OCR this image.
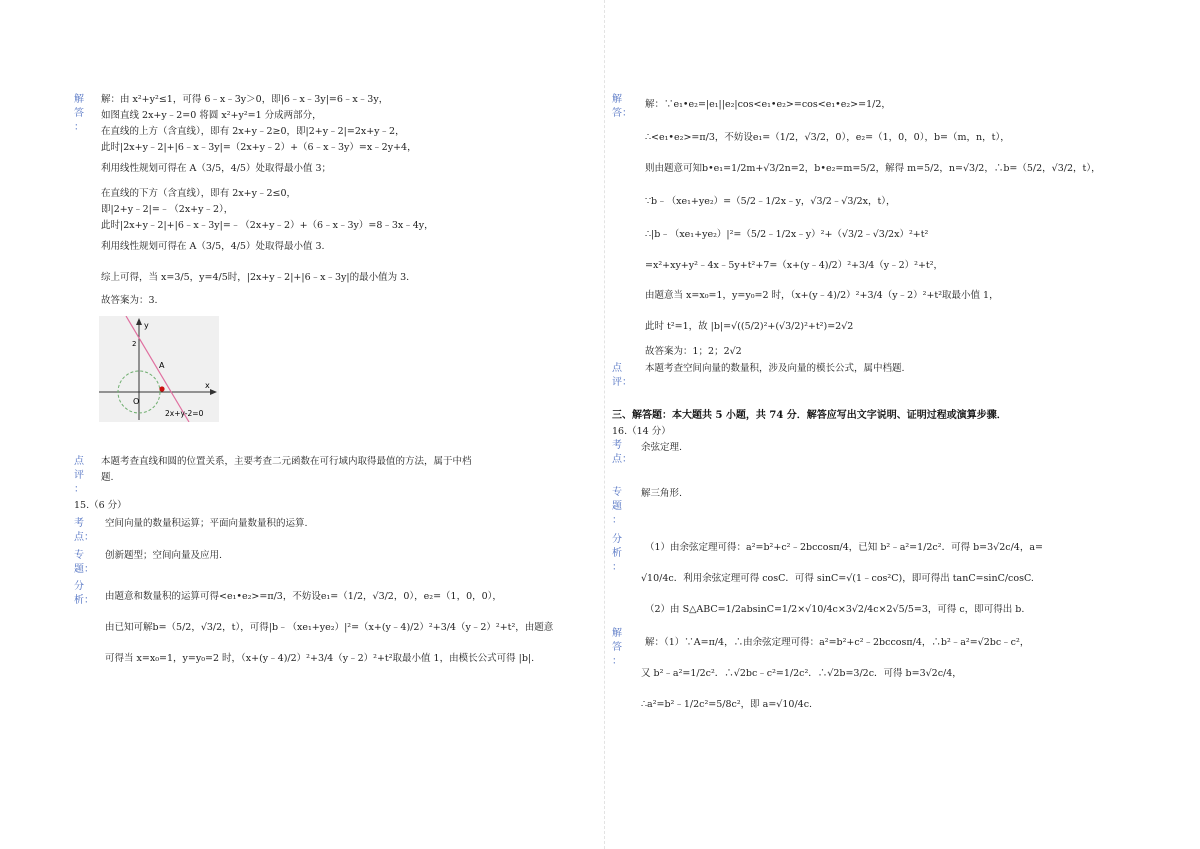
解
答
：
解：由 x²+y²≤1，可得 6﹣x﹣3y＞0，即|6﹣x﹣3y|=6﹣x﹣3y，
如图直线 2x+y﹣2=0 将圆 x²+y²=1 分成两部分，
在直线的上方（含直线），即有 2x+y﹣2≥0，即|2+y﹣2|=2x+y﹣2，
此时|2x+y﹣2|+|6﹣x﹣3y|=（2x+y﹣2）+（6﹣x﹣3y）=x﹣2y+4，
利用线性规划可得在 A（3/5，4/5）处取得最小值 3；
在直线的下方（含直线），即有 2x+y﹣2≤0，
即|2+y﹣2|=﹣（2x+y﹣2），
此时|2x+y﹣2|+|6﹣x﹣3y|=﹣（2x+y﹣2）+（6﹣x﹣3y）=8﹣3x﹣4y，
利用线性规划可得在 A（3/5，4/5）处取得最小值 3.
综上可得，当 x=3/5，y=4/5时，|2x+y﹣2|+|6﹣x﹣3y|的最小值为 3.
故答案为：3.
y
x
2
O
A
2x+y-2=0
点
评
：
本题考查直线和圆的位置关系，主要考查二元函数在可行域内取得最值的方法，属于中档
题.
15.（6 分）
考
点：
空间向量的数量积运算；平面向量数量积的运算.
专
题：
创新题型；空间向量及应用.
分
析： 由题意和数量积的运算可得<e₁•e₂>=π/3，不妨设e₁=（1/2，√3/2，0），e₂=（1，0，0），
由已知可解b=（5/2，√3/2，t），可得|b﹣（xe₁+ye₂）|²=（x+(y﹣4)/2）²+3/4（y﹣2）²+t²，由题意
可得当 x=x₀=1，y=y₀=2 时，（x+(y﹣4)/2）²+3/4（y﹣2）²+t²取最小值 1，由模长公式可得 |b|.
解
答：
解：∵e₁•e₂=|e₁||e₂|cos<e₁•e₂>=cos<e₁•e₂>=1/2，
∴<e₁•e₂>=π/3，不妨设e₁=（1/2，√3/2，0），e₂=（1，0，0），b=（m，n，t），
则由题意可知b•e₁=1/2m+√3/2n=2，b•e₂=m=5/2，解得 m=5/2，n=√3/2，∴b=（5/2，√3/2，t），
∵b﹣（xe₁+ye₂）=（5/2﹣1/2x﹣y，√3/2﹣√3/2x，t），
∴|b﹣（xe₁+ye₂）|²=（5/2﹣1/2x﹣y）²+（√3/2﹣√3/2x）²+t²
=x²+xy+y²﹣4x﹣5y+t²+7=（x+(y﹣4)/2）²+3/4（y﹣2）²+t²，
由题意当 x=x₀=1，y=y₀=2 时，（x+(y﹣4)/2）²+3/4（y﹣2）²+t²取最小值 1，
此时 t²=1，故 |b|=√((5/2)²+(√3/2)²+t²)=2√2
故答案为：1；2；2√2
点
评：
本题考查空间向量的数量积，涉及向量的模长公式，属中档题.
三、解答题：本大题共 5 小题，共 74 分．解答应写出文字说明、证明过程或演算步骤．
16.（14 分）
考
点：
余弦定理.
专
题
：
解三角形.
分
析
：
（1）由余弦定理可得：a²=b²+c²﹣2bccosπ/4，已知 b²﹣a²=1/2c²．可得 b=3√2c/4，a=
√10/4c．利用余弦定理可得 cosC．可得 sinC=√(1﹣cos²C)，即可得出 tanC=sinC/cosC.
（2）由 S△ABC=1/2absinC=1/2×√10/4c×3√2/4c×2√5/5=3，可得 c，即可得出 b.
解
答
：
解：（1）∵A=π/4，∴由余弦定理可得：a²=b²+c²﹣2bccosπ/4，∴b²﹣a²=√2bc﹣c²，
又 b²﹣a²=1/2c²．∴√2bc﹣c²=1/2c²．∴√2b=3/2c．可得 b=3√2c/4，
∴a²=b²﹣1/2c²=5/8c²，即 a=√10/4c.
